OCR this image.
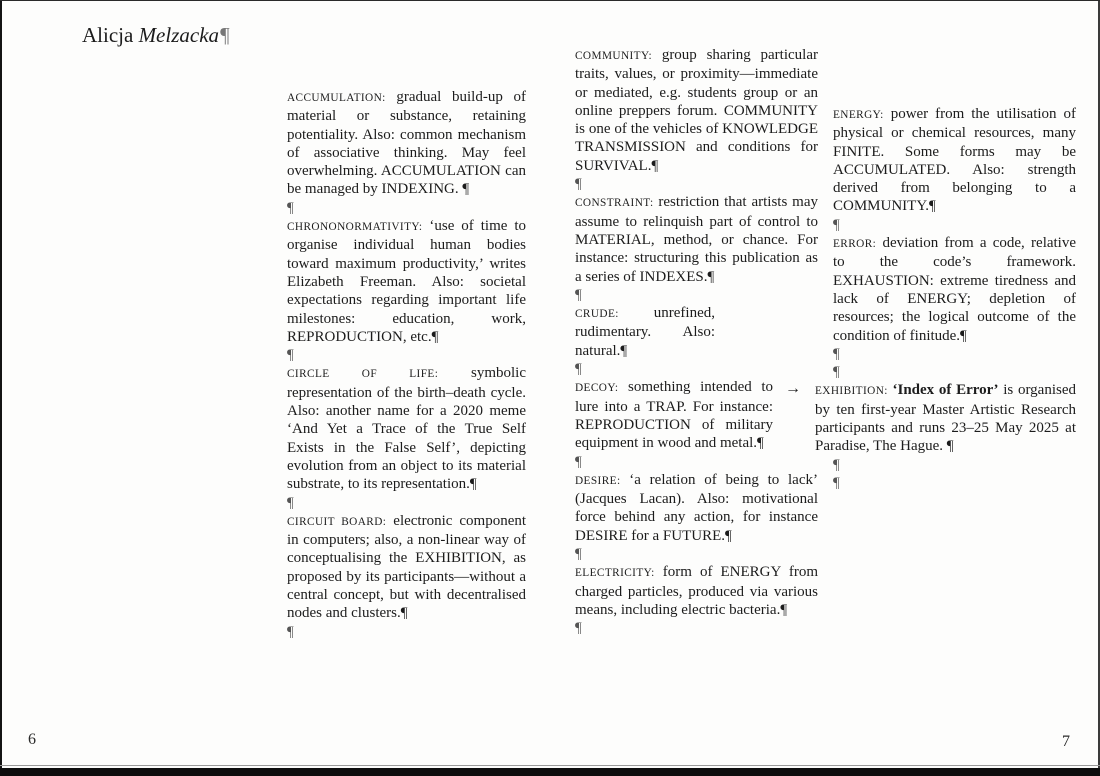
Alicja Melzacka¶

ACCUMULATION: gradual build-up of material or substance, retaining potentiality. Also: common mechanism of associative thinking. May feel overwhelming. ACCUMULATION can be managed by INDEXING. ¶

¶

CHRONONORMATIVITY: ‘use of time to organise individual human bodies toward maximum productivity,’ writes Elizabeth Freeman. Also: societal expectations regarding important life milestones: education, work, REPRODUCTION, etc.¶

¶

CIRCLE OF LIFE: symbolic representation of the birth–death cycle. Also: another name for a 2020 meme ‘And Yet a Trace of the True Self Exists in the False Self’, depicting evolution from an object to its material substrate, to its representation.¶

¶

CIRCUIT BOARD: electronic component in computers; also, a non-linear way of conceptualising the EXHIBITION, as proposed by its participants—without a central concept, but with decentralised nodes and clusters.¶

¶

COMMUNITY: group sharing particular traits, values, or proximity—immediate or mediated, e.g. students group or an online preppers forum. COMMUNITY is one of the vehicles of KNOWLEDGE TRANSMISSION and conditions for SURVIVAL.¶

¶

CONSTRAINT: restriction that artists may assume to relinquish part of control to MATERIAL, method, or chance. For instance: structuring this publication as a series of INDEXES.¶

¶

CRUDE: unrefined, rudimentary. Also: natural.¶

¶

DECOY: something intended to lure into a TRAP. For instance: REPRODUCTION of military equipment in wood and metal.¶

¶

DESIRE: ‘a relation of being to lack’ (Jacques Lacan). Also: motivational force behind any action, for instance DESIRE for a FUTURE.¶

¶

ELECTRICITY: form of ENERGY from charged particles, produced via various means, including electric bacteria.¶

¶

ENERGY: power from the utilisation of physical or chemical resources, many FINITE. Some forms may be ACCUMULATED. Also: strength derived from belonging to a COMMUNITY.¶

¶

ERROR: deviation from a code, relative to the code’s framework. EXHAUSTION: extreme tiredness and lack of ENERGY; depletion of resources; the logical outcome of the condition of finitude.¶

¶
¶
→ EXHIBITION: ‘Index of Error’ is organised by ten first-year Master Artistic Research participants and runs 23–25 May 2025 at Paradise, The Hague. ¶

¶
¶
6	7
